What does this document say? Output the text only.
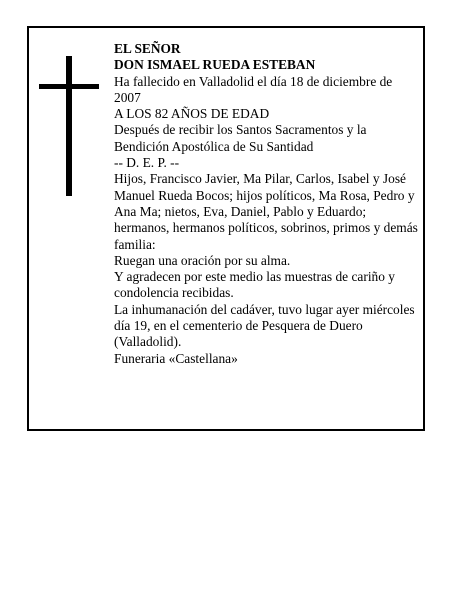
EL SEÑOR

DON ISMAEL RUEDA ESTEBAN

Ha fallecido en Valladolid el día 18 de diciembre de 2007

A LOS 82 AÑOS DE EDAD

Después de recibir los Santos Sacramentos y la Bendición Apostólica de Su Santidad

-- D. E. P. --

Hijos, Francisco Javier, Ma Pilar, Carlos, Isabel y José Manuel Rueda Bocos; hijos políticos, Ma Rosa, Pedro y Ana Ma; nietos, Eva, Daniel, Pablo y Eduardo; hermanos, hermanos políticos, sobrinos, primos y demás familia:

Ruegan una oración por su alma.

Y agradecen por este medio las muestras de cariño y condolencia recibidas.

La inhumanación del cadáver, tuvo lugar ayer miércoles día 19, en el cementerio de Pesquera de Duero (Valladolid).

Funeraria «Castellana»
